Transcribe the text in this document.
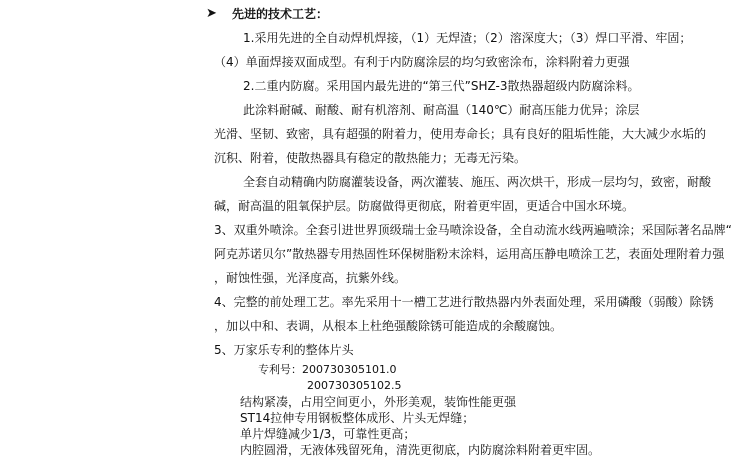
➤ 先进的技术工艺：
1.采用先进的全自动焊机焊接，（1）无焊渣；（2）溶深度大；（3）焊口平滑、牢固；
（4）单面焊接双面成型。有利于内防腐涂层的均匀致密涂布，涂料附着力更强
2.二重内防腐。采用国内最先进的“第三代”SHZ-3散热器超级内防腐涂料。
此涂料耐碱、耐酸、耐有机溶剂、耐高温（140℃）耐高压能力优异；涂层
光滑、坚韧、致密，具有超强的附着力，使用寿命长；具有良好的阻垢性能，大大减少水垢的
沉积、附着，使散热器具有稳定的散热能力；无毒无污染。
全套自动精确内防腐灌装设备，两次灌装、施压、两次烘干，形成一层均匀，致密，耐酸
碱，耐高温的阻氧保护层。防腐做得更彻底，附着更牢固，更适合中国水环境。
3、双重外喷涂。全套引进世界顶级瑞士金马喷涂设备，全自动流水线两遍喷涂；采国际著名品牌“
阿克苏诺贝尔”散热器专用热固性环保树脂粉末涂料，运用高压静电喷涂工艺，表面处理附着力强
，耐蚀性强，光泽度高，抗紫外线。
4、完整的前处理工艺。率先采用十一槽工艺进行散热器内外表面处理，采用磷酸（弱酸）除锈
，加以中和、表调，从根本上杜绝强酸除锈可能造成的余酸腐蚀。
5、万家乐专利的整体片头
专利号：200730305101.0
200730305102.5
结构紧凑，占用空间更小，外形美观，装饰性能更强
ST14拉伸专用钢板整体成形、片头无焊缝；
单片焊缝减少1/3，可靠性更高；
内腔圆滑，无液体残留死角，清洗更彻底，内防腐涂料附着更牢固。
